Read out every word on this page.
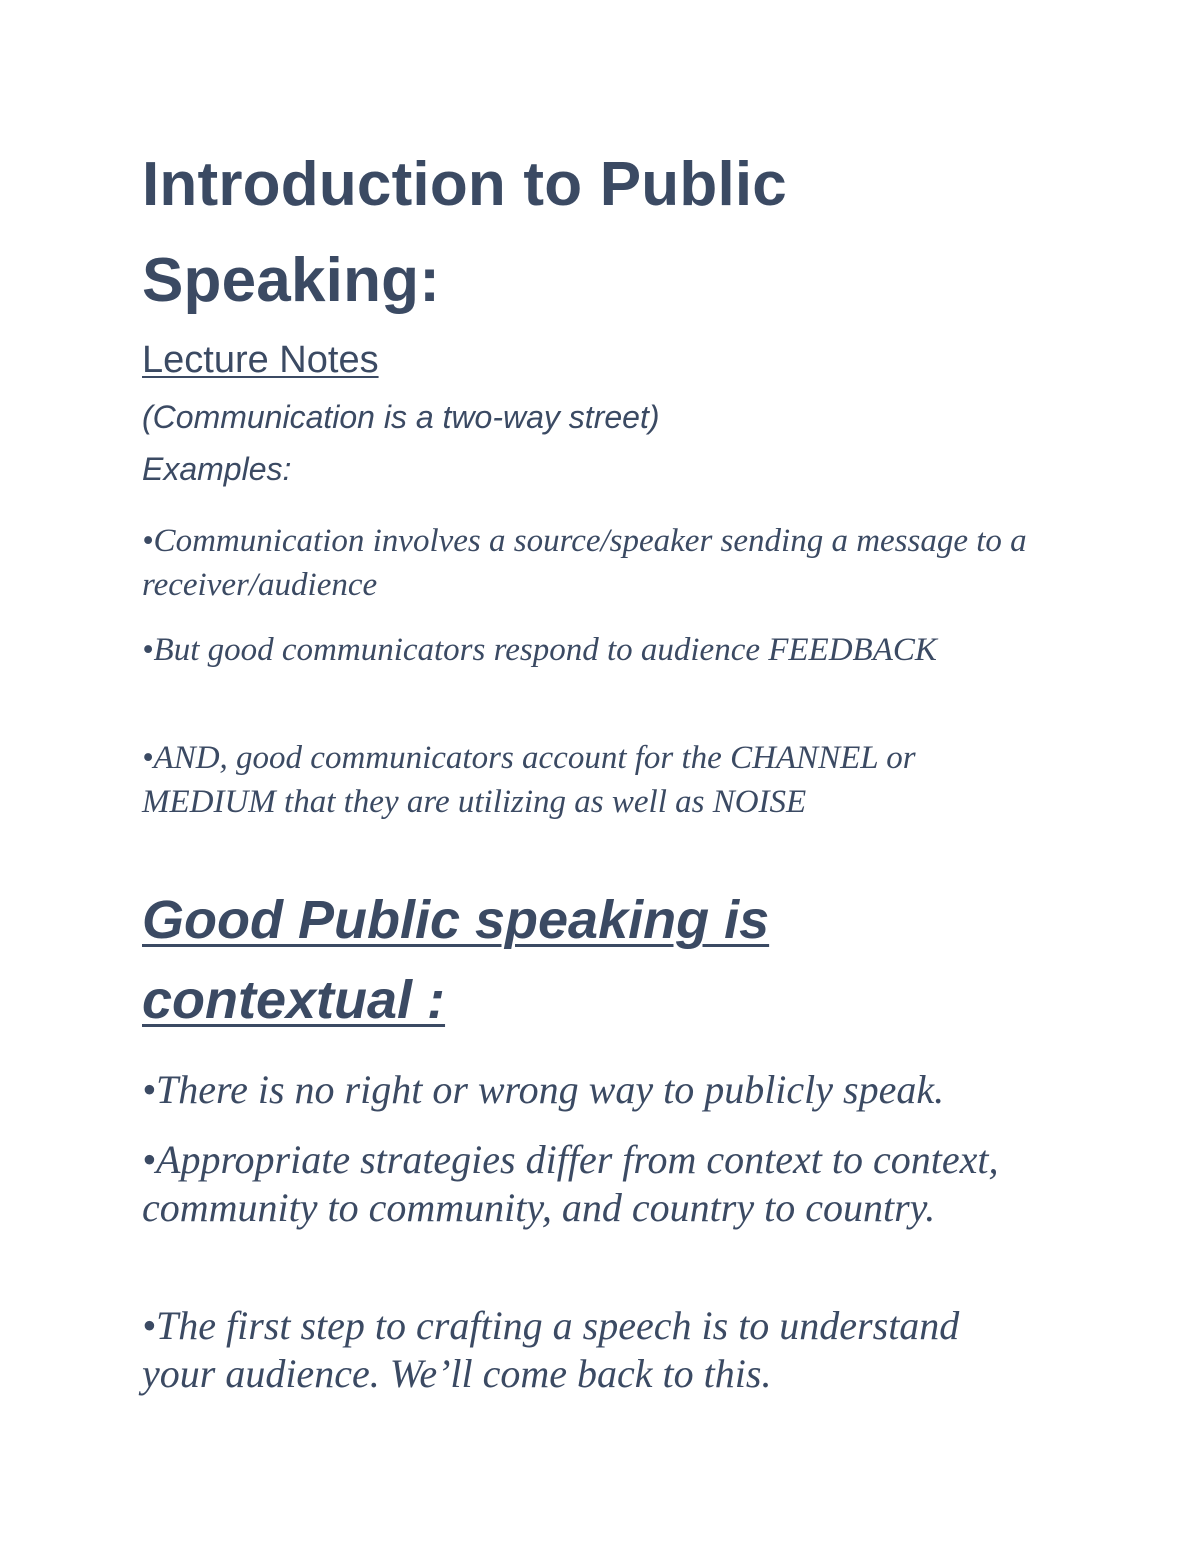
Introduction to Public
Speaking:
Lecture Notes
(Communication is a two-way street)
Examples:

•Communication involves a source/speaker sending a message to a receiver/audience

•But good communicators respond to audience FEEDBACK

•AND, good communicators account for the CHANNEL or MEDIUM that they are utilizing as well as NOISE

Good Public speaking is contextual :

•There is no right or wrong way to publicly speak.

•Appropriate strategies differ from context to context, community to community, and country to country.

•The first step to crafting a speech is to understand your audience. We’ll come back to this.
